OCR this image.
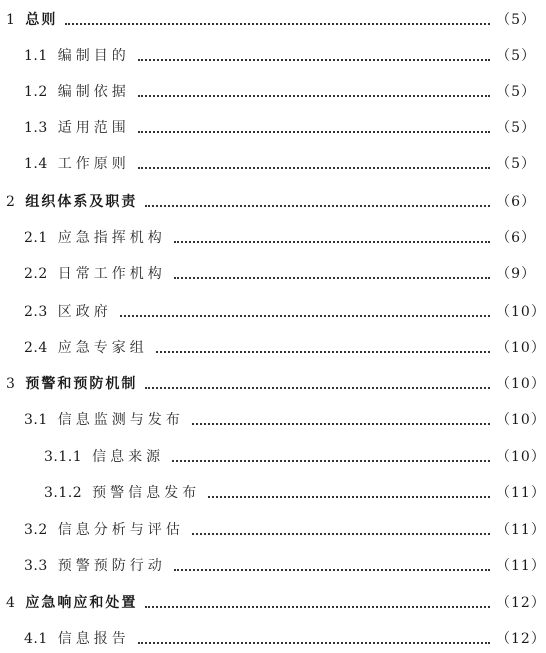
1 总则	（5）
1.1 编制目的	（5）
1.2 编制依据	（5）
1.3 适用范围	（5）
1.4 工作原则	（5）
2 组织体系及职责	（6）
2.1 应急指挥机构	（6）
2.2 日常工作机构	（9）
2.3 区政府	（10）
2.4 应急专家组	（10）
3 预警和预防机制	（10）
3.1 信息监测与发布	（10）
3.1.1 信息来源	（10）
3.1.2 预警信息发布	（11）
3.2 信息分析与评估	（11）
3.3 预警预防行动	（11）
4 应急响应和处置	（12）
4.1 信息报告	（12）
